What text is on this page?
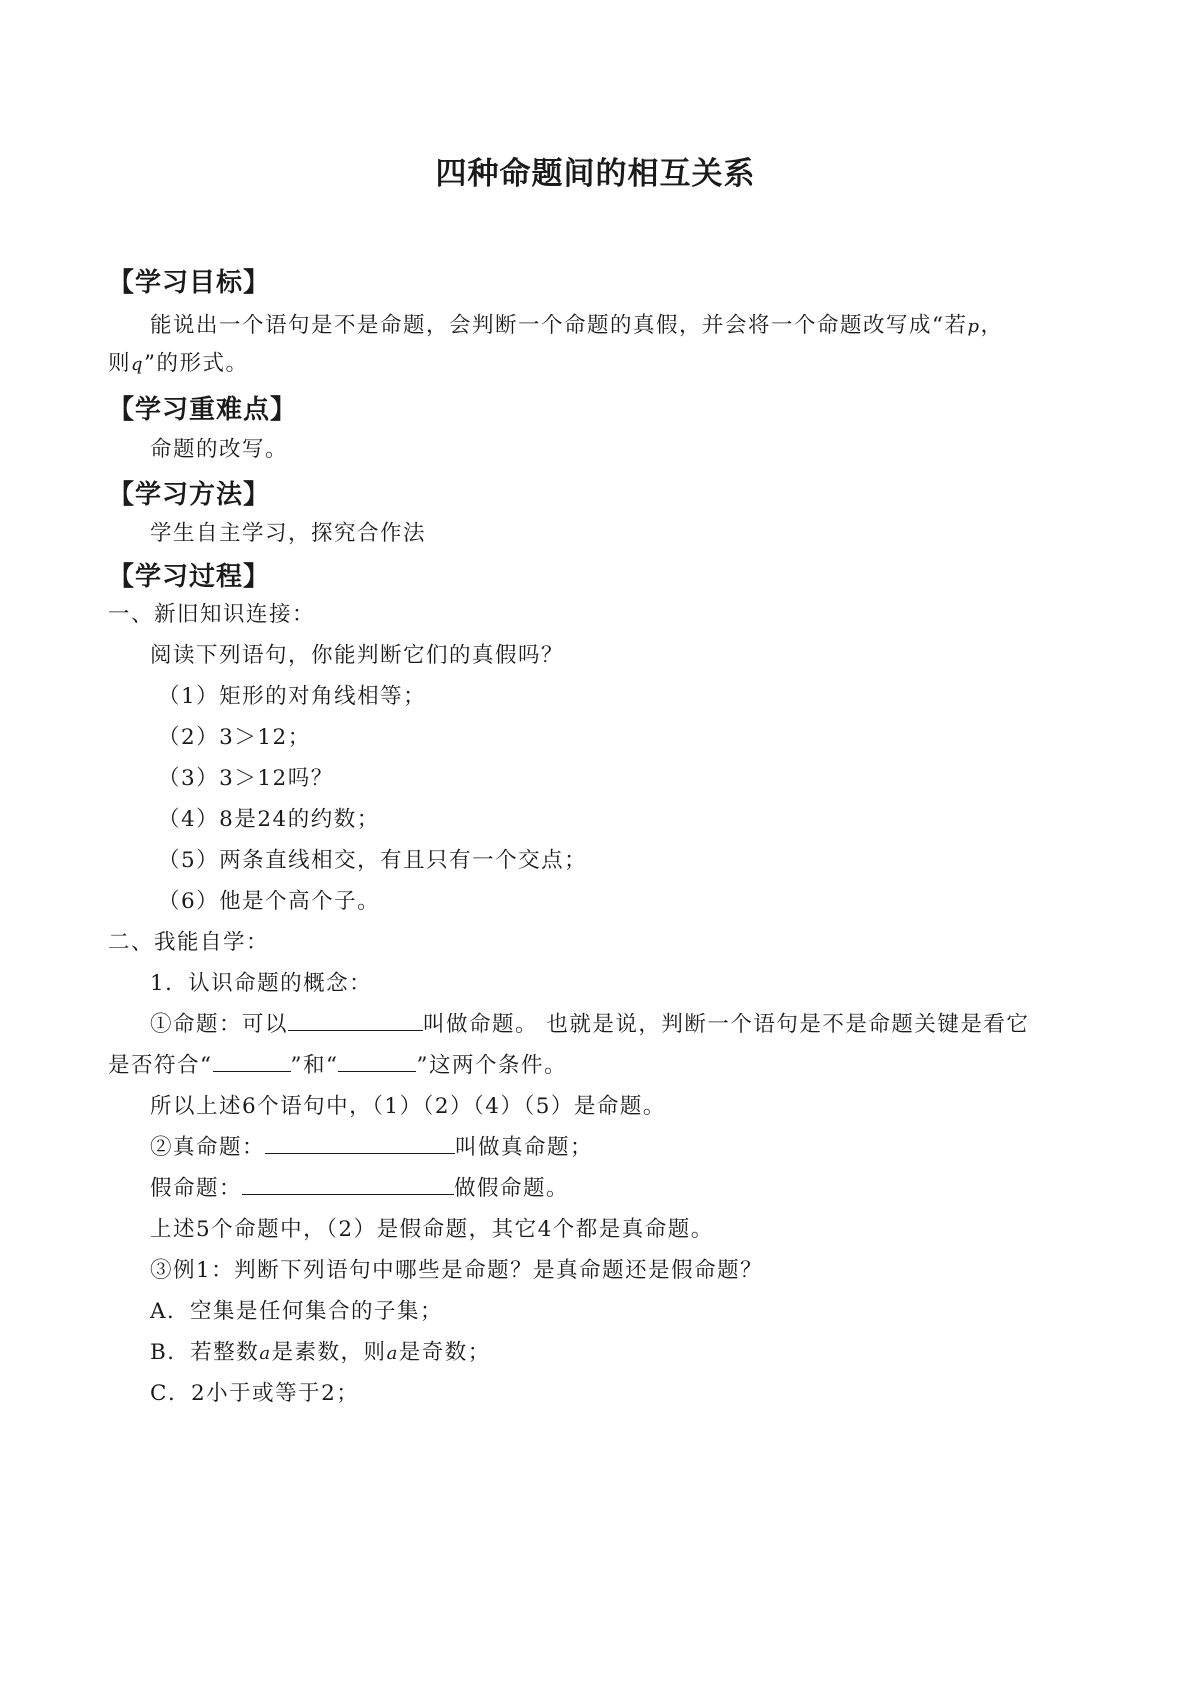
四种命题间的相互关系
【学习目标】
能说出一个语句是不是命题，会判断一个命题的真假，并会将一个命题改写成“若p，
则q”的形式。
【学习重难点】
命题的改写。
【学习方法】
学生自主学习，探究合作法
【学习过程】
一、新旧知识连接：
阅读下列语句，你能判断它们的真假吗？
（1）矩形的对角线相等；
（2）3＞12；
（3）3＞12吗？
（4）8是24的约数；
（5）两条直线相交，有且只有一个交点；
（6）他是个高个子。
二、我能自学：
1．认识命题的概念：
①命题：可以	叫做命题。 也就是说，判断一个语句是不是命题关键是看它
是否符合“	”和“	”这两个条件。
所以上述6个语句中，（1）（2）（4）（5）是命题。
②真命题：	叫做真命题；
假命题：	做假命题。
上述5个命题中，（2）是假命题，其它4个都是真命题。
③例1：判断下列语句中哪些是命题？是真命题还是假命题？
A．空集是任何集合的子集；
B．若整数a是素数，则a是奇数；
C．2小于或等于2；
